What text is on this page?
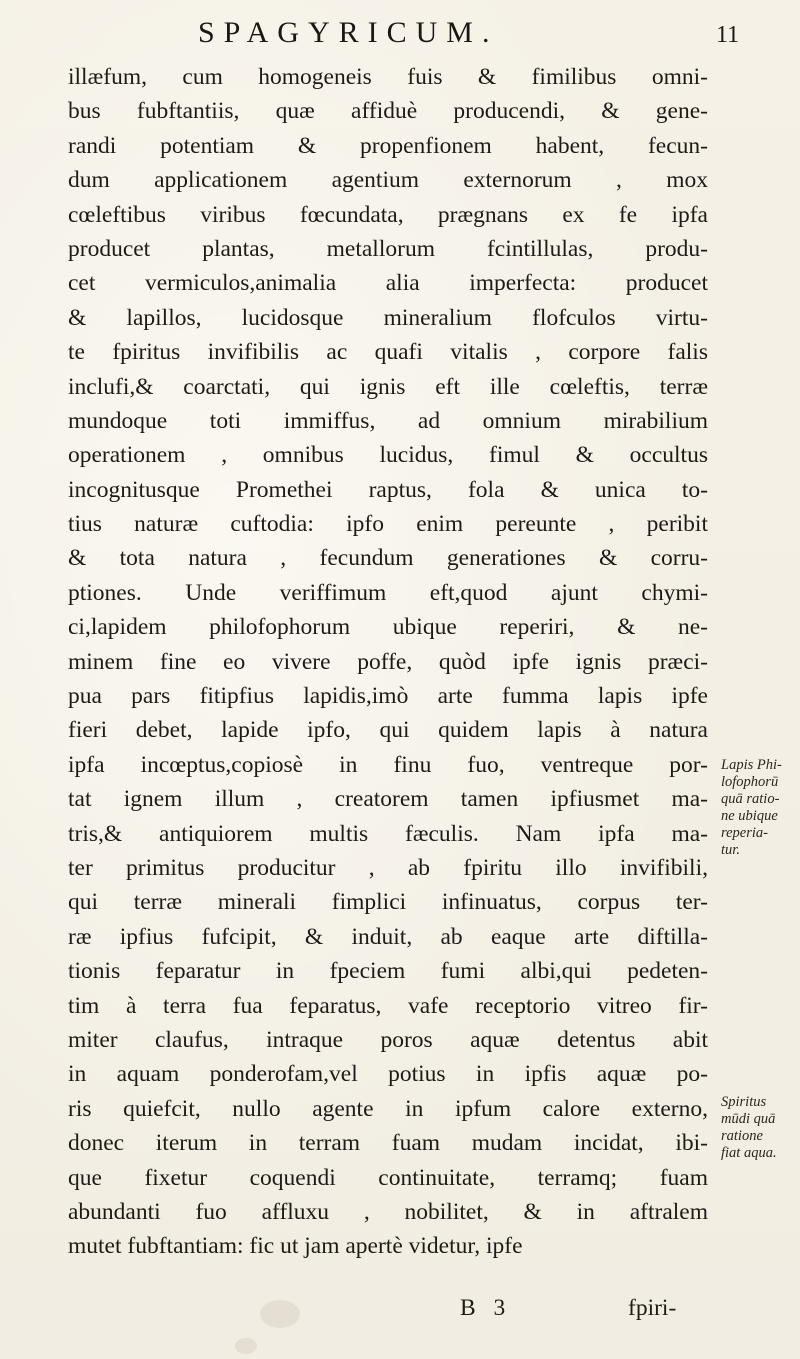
SPAGYRICUM.	11
illæfum, cum homogeneis fuis & fimilibus omni-
bus fubftantiis, quæ affiduè producendi, & gene-
randi potentiam & propenfionem habent, fecun-
dum applicationem agentium externorum , mox
cœleftibus viribus fœcundata, prægnans ex fe ipfa
producet plantas, metallorum fcintillulas, produ-
cet vermiculos,animalia alia imperfecta: producet
& lapillos, lucidosque mineralium flofculos virtu-
te fpiritus invifibilis ac quafi vitalis , corpore falis
inclufi,& coarctati, qui ignis eft ille cœleftis, terræ
mundoque toti immiffus, ad omnium mirabilium
operationem , omnibus lucidus, fimul & occultus
incognitusque Promethei raptus, fola & unica to-
tius naturæ cuftodia: ipfo enim pereunte , peribit
& tota natura , fecundum generationes & corru-
ptiones. Unde veriffimum eft,quod ajunt chymi-
ci,lapidem philofophorum ubique reperiri, & ne-
minem fine eo vivere poffe, quòd ipfe ignis præci-
pua pars fitipfius lapidis,imò arte fumma lapis ipfe
fieri debet, lapide ipfo, qui quidem lapis à natura
ipfa incœptus,copiosè in finu fuo, ventreque por-
tat ignem illum , creatorem tamen ipfiusmet ma-
tris,& antiquiorem multis fæculis. Nam ipfa ma-
ter primitus producitur , ab fpiritu illo invifibili,
qui terræ minerali fimplici infinuatus, corpus ter-
ræ ipfius fufcipit, & induit, ab eaque arte diftilla-
tionis feparatur in fpeciem fumi albi,qui pedeten-
tim à terra fua feparatus, vafe receptorio vitreo fir-
miter claufus, intraque poros aquæ detentus abit
in aquam ponderofam,vel potius in ipfis aquæ po-
ris quiefcit, nullo agente in ipfum calore externo,
donec iterum in terram fuam mudam incidat, ibi-
que fixetur coquendi continuitate, terramq; fuam
abundanti fuo affluxu , nobilitet, & in aftralem
mutet fubftantiam: fic ut jam apertè videtur, ipfe
Lapis Phi-
lofophorū
quā ratio-
ne ubique
reperia-
tur.
Spiritus
mūdi quā
ratione
fiat aqua.
B 3	fpiri-
